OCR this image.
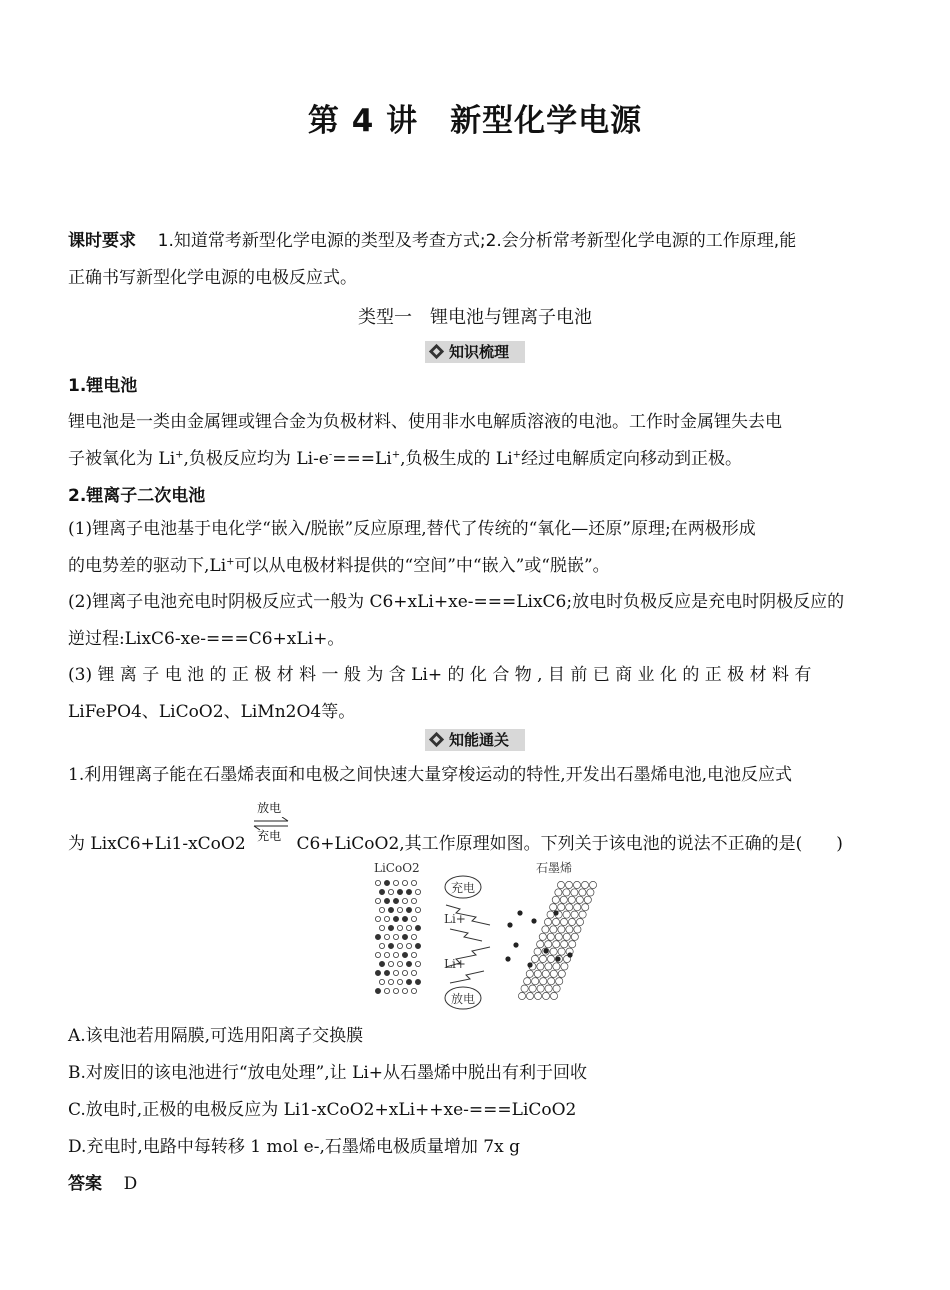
第 4 讲　新型化学电源
课时要求 1.知道常考新型化学电源的类型及考查方式;2.会分析常考新型化学电源的工作原理,能
正确书写新型化学电源的电极反应式。
类型一　锂电池与锂离子电池
知识梳理
1.锂电池
锂电池是一类由金属锂或锂合金为负极材料、使用非水电解质溶液的电池。工作时金属锂失去电
子被氧化为 Li+,负极反应均为 Li-e-===Li+,负极生成的 Li+经过电解质定向移动到正极。
2.锂离子二次电池
(1)锂离子电池基于电化学“嵌入/脱嵌”反应原理,替代了传统的“氧化—还原”原理;在两极形成
的电势差的驱动下,Li+可以从电极材料提供的“空间”中“嵌入”或“脱嵌”。
(2)锂离子电池充电时阴极反应式一般为 C6+xLi+xe-===LixC6;放电时负极反应是充电时阴极反应的
逆过程:LixC6-xe-===C6+xLi+。
(3) 锂 离 子 电 池 的 正 极 材 料 一 般 为 含 Li+ 的 化 合 物 , 目 前 已 商 业 化 的 正 极 材 料 有
LiFePO4、LiCoO2、LiMn2O4等。
知能通关
1.利用锂离子能在石墨烯表面和电极之间快速大量穿梭运动的特性,开发出石墨烯电池,电池反应式
为 LixC6+Li1-xCoO2
放电
充电 C6+LiCoO2,其工作原理如图。下列关于该电池的说法不正确的是( )
LiCoO2	石墨烯
充电
放电
Li+
Li+
A.该电池若用隔膜,可选用阳离子交换膜
B.对废旧的该电池进行“放电处理”,让 Li+从石墨烯中脱出有利于回收
C.放电时,正极的电极反应为 Li1-xCoO2+xLi++xe-===LiCoO2
D.充电时,电路中每转移 1 mol e-,石墨烯电极质量增加 7x g
答案 D
